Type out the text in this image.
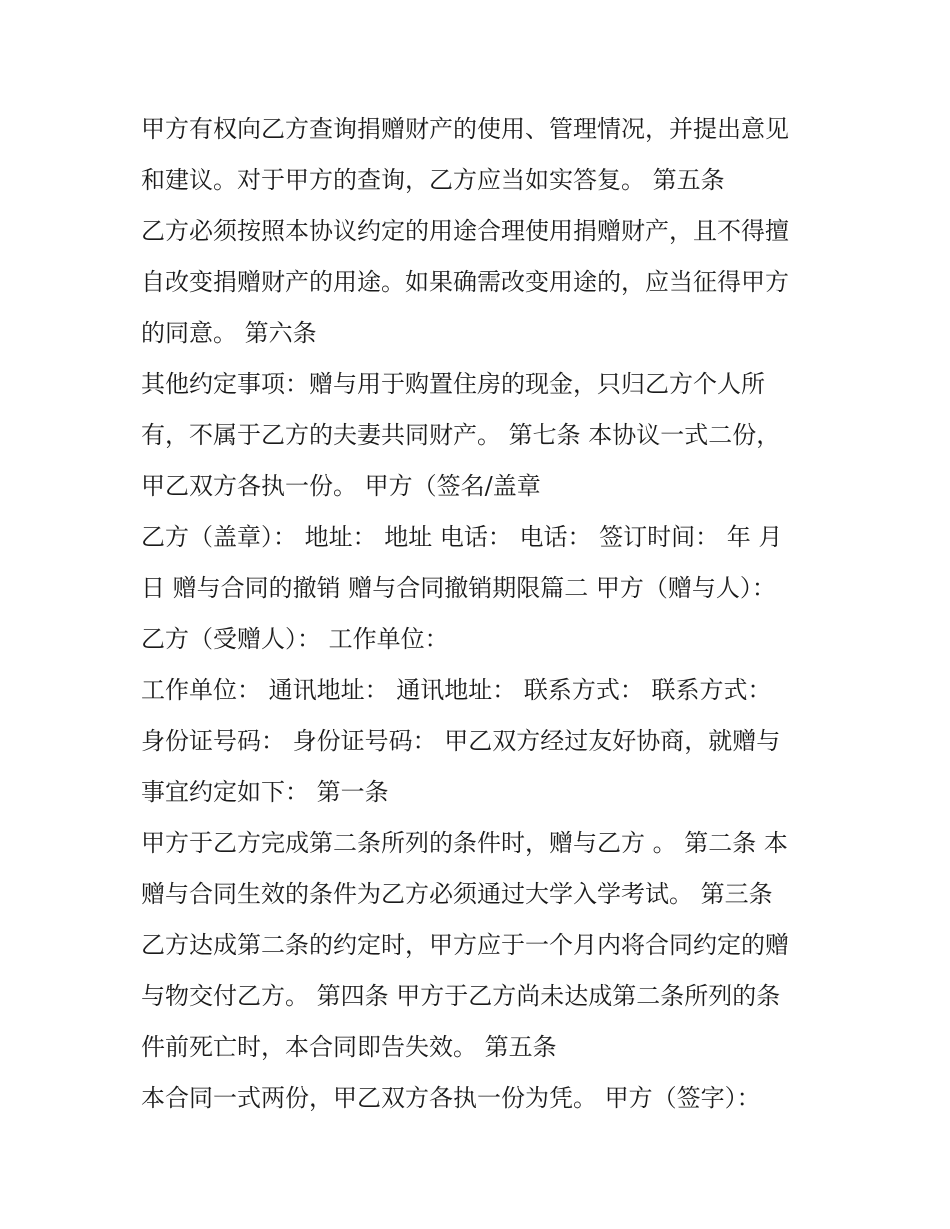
甲方有权向乙方查询捐赠财产的使用、管理情况，并提出意见
和建议。对于甲方的查询，乙方应当如实答复。 第五条
乙方必须按照本协议约定的用途合理使用捐赠财产，且不得擅
自改变捐赠财产的用途。如果确需改变用途的，应当征得甲方
的同意。 第六条
其他约定事项：赠与用于购置住房的现金，只归乙方个人所
有，不属于乙方的夫妻共同财产。 第七条 本协议一式二份，
甲乙双方各执一份。 甲方（签名/盖章
乙方（盖章）： 地址： 地址 电话： 电话： 签订时间： 年 月
日 赠与合同的撤销 赠与合同撤销期限篇二 甲方（赠与人）：
乙方（受赠人）： 工作单位：
工作单位： 通讯地址： 通讯地址： 联系方式： 联系方式：
身份证号码： 身份证号码： 甲乙双方经过友好协商，就赠与
事宜约定如下： 第一条
甲方于乙方完成第二条所列的条件时，赠与乙方 。 第二条 本
赠与合同生效的条件为乙方必须通过大学入学考试。 第三条
乙方达成第二条的约定时，甲方应于一个月内将合同约定的赠
与物交付乙方。 第四条 甲方于乙方尚未达成第二条所列的条
件前死亡时，本合同即告失效。 第五条
本合同一式两份，甲乙双方各执一份为凭。 甲方（签字）：
